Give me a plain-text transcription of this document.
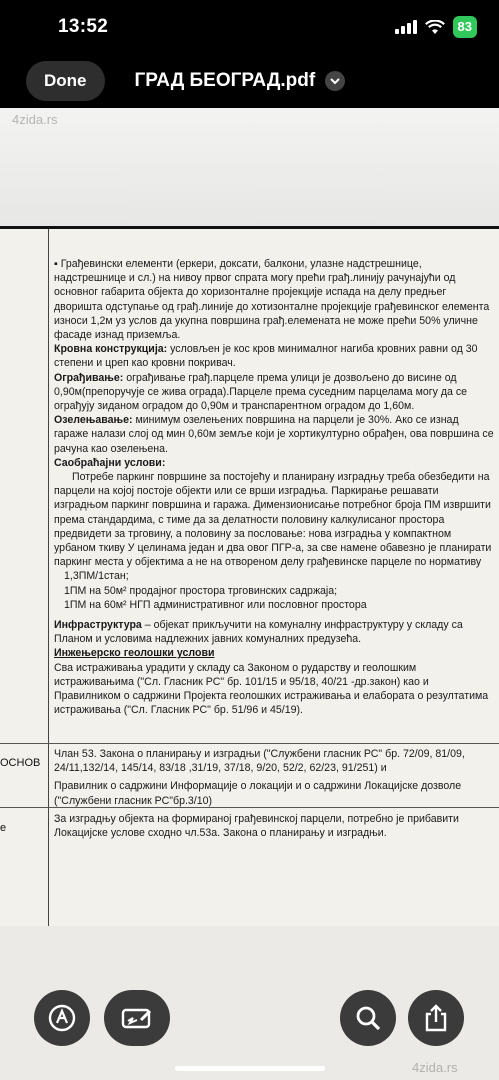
13:52	83
Done	ГРАД БЕОГРАД.pdf
4zida.rs
ОСНОВ
е

▪ Грађевински елементи (еркери, доксати, балкони, улазне надстрешнице, надстрешнице и сл.) на нивоу првог спрата могу прећи грађ.линију рачунајући од основног габарита објекта до хоризонталне пројекције испада на делу предњег дворишта одступање од грађ.линије до хотизонталне пројекције грађевинског елемента износи 1,2м уз услов да укупна површина грађ.елемената не може прећи 50% уличне фасаде изнад приземља.

Кровна конструкција: условљен је кос кров минималног нагиба кровних равни од 30 степени и цреп као кровни покривач.

Ограђивање: ограђивање грађ.парцеле према улици је дозвољено до висине од 0,90м(препоручује се жива ограда).Парцеле према суседним парцелама могу да се ограђују зиданом оградом до 0,90м и транспарентном оградом до 1,60м.

Озелењавање: минимум озелењених површина на парцели је 30%. Ако се изнад гараже налази слој од мин 0,60м земље који је хортикултурно обрађен, ова површина се рачуна као озелењена.

Саобраћајни услови:

Потребе паркинг површине за постојећу и планирану изградњу треба обезбедити на парцели на којој постоје објекти или се врши изградња. Паркирање решавати изградњом паркинг површина и гаража. Димензионисање потребног броја ПМ извршити према стандардима, с тиме да за делатности половину калкулисаног простора предвидети за трговину, а половину за пословање: нова изградња у компактном урбаном ткиву У целинама један и два овог ПГР-а, за све намене обавезно је планирати паркинг места у објектима а не на отвореном делу грађевинске парцеле по нормативу

1,3ПМ/1стан;

1ПМ на 50м² продајног простора трговинских садржаја;

1ПМ на 60м² НГП административног или пословног простора

Инфраструктура – објекат прикључити на комуналну инфраструктуру у складу са Планом и условима надлежних јавних комуналних предузећа.

Инжењерско геолошки услови

Сва истраживања урадити у складу са Законом о рударству и геолошким истраживањима ("Сл. Гласник РС" бр. 101/15 и 95/18, 40/21 -др.закон) као и Правилником о садржини Пројекта геолошких истраживања и елабората о резултатима истраживања ("Сл. Гласник РС" бр. 51/96 и 45/19).

Члан 53. Закона о планирању и изградњи ("Службени гласник РС" бр. 72/09, 81/09, 24/11,132/14, 145/14, 83/18 ,31/19, 37/18, 9/20, 52/2, 62/23, 91/251) и

Правилник о садржини Информације о локацији и о садржини Локацијске дозволе ("Службени гласник РС"бр.3/10)

За изградњу објекта на формираној грађевинској парцели, потребно је прибавити Локацијске услове сходно чл.53а. Закона о планирању и изградњи.

4zida.rs
